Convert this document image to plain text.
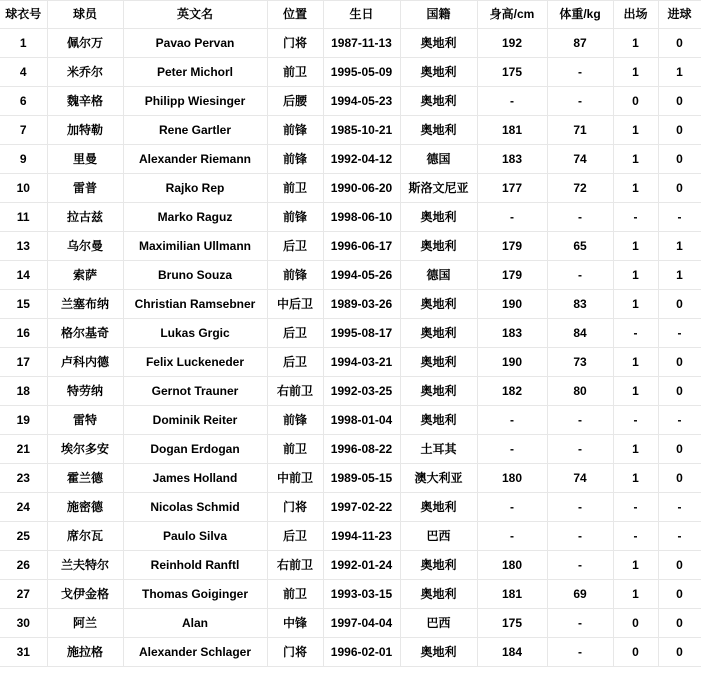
球衣号	球员	英文名	位置	生日	国籍	身高/cm	体重/kg	出场	进球
1	佩尔万	Pavao Pervan	门将	1987-11-13	奥地利	192	87	1	0
4	米乔尔	Peter Michorl	前卫	1995-05-09	奥地利	175	-	1	1
6	魏辛格	Philipp Wiesinger	后腰	1994-05-23	奥地利	-	-	0	0
7	加特勒	Rene Gartler	前锋	1985-10-21	奥地利	181	71	1	0
9	里曼	Alexander Riemann	前锋	1992-04-12	德国	183	74	1	0
10	雷普	Rajko Rep	前卫	1990-06-20	斯洛文尼亚	177	72	1	0
11	拉古兹	Marko Raguz	前锋	1998-06-10	奥地利	-	-	-	-
13	乌尔曼	Maximilian Ullmann	后卫	1996-06-17	奥地利	179	65	1	1
14	索萨	Bruno Souza	前锋	1994-05-26	德国	179	-	1	1
15	兰塞布纳	Christian Ramsebner	中后卫	1989-03-26	奥地利	190	83	1	0
16	格尔基奇	Lukas Grgic	后卫	1995-08-17	奥地利	183	84	-	-
17	卢科内德	Felix Luckeneder	后卫	1994-03-21	奥地利	190	73	1	0
18	特劳纳	Gernot Trauner	右前卫	1992-03-25	奥地利	182	80	1	0
19	雷特	Dominik Reiter	前锋	1998-01-04	奥地利	-	-	-	-
21	埃尔多安	Dogan Erdogan	前卫	1996-08-22	土耳其	-	-	1	0
23	霍兰德	James Holland	中前卫	1989-05-15	澳大利亚	180	74	1	0
24	施密德	Nicolas Schmid	门将	1997-02-22	奥地利	-	-	-	-
25	席尔瓦	Paulo Silva	后卫	1994-11-23	巴西	-	-	-	-
26	兰夫特尔	Reinhold Ranftl	右前卫	1992-01-24	奥地利	180	-	1	0
27	戈伊金格	Thomas Goiginger	前卫	1993-03-15	奥地利	181	69	1	0
30	阿兰	Alan	中锋	1997-04-04	巴西	175	-	0	0
31	施拉格	Alexander Schlager	门将	1996-02-01	奥地利	184	-	0	0
